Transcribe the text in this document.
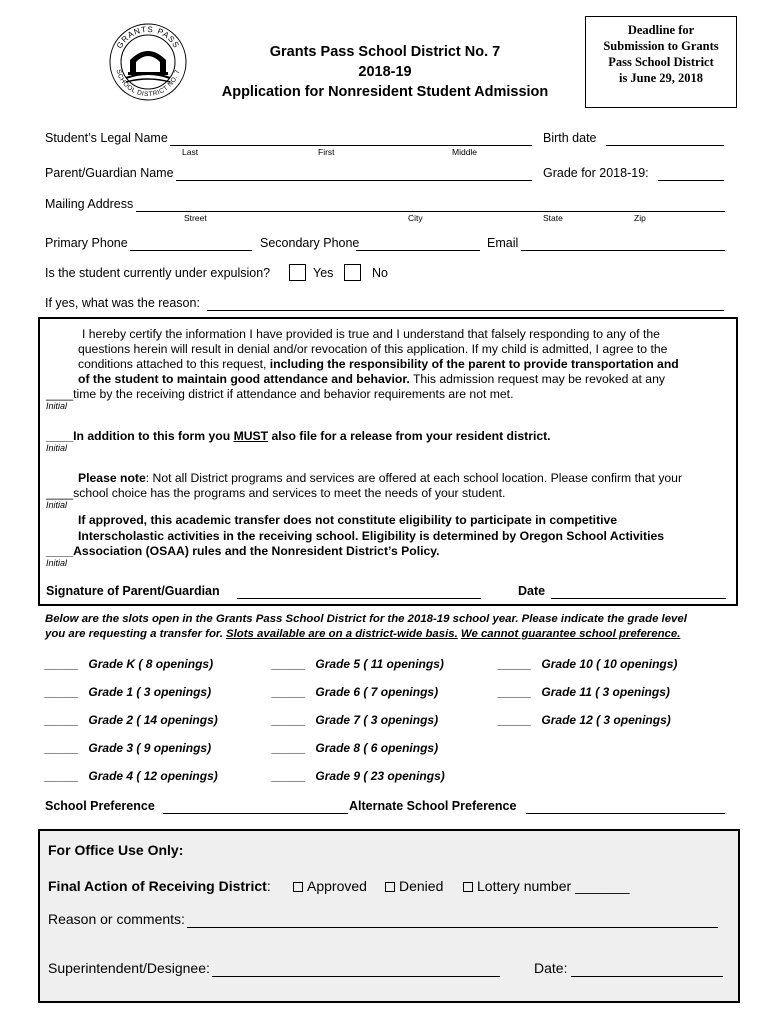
GRANTS PASS
SCHOOL DISTRICT NO. 7
Grants Pass School District No. 7
2018-19
Application for Nonresident Student Admission
Deadline for
Submission to Grants
Pass School District
is June 29, 2018
Student’s Legal Name
Last	First	Middle
Birth date
Parent/Guardian Name	Grade for 2018-19:
Mailing Address
Street	City	State	Zip
Primary Phone	Secondary Phone	Email
Is the student currently under expulsion?	Yes	No
If yes, what was the reason:
I hereby certify the information I have provided is true and I understand that falsely responding to any of the
questions herein will result in denial and/or revocation of this application. If my child is admitted, I agree to the
conditions attached to this request, including the responsibility of the parent to provide transportation and
of the student to maintain good attendance and behavior. This admission request may be revoked at any
____time by the receiving district if attendance and behavior requirements are not met.
Initial
____In addition to this form you MUST also file for a release from your resident district.
Initial
Please note: Not all District programs and services are offered at each school location. Please confirm that your
____school choice has the programs and services to meet the needs of your student.
Initial
If approved, this academic transfer does not constitute eligibility to participate in competitive
Interscholastic activities in the receiving school. Eligibility is determined by Oregon School Activities
____Association (OSAA) rules and the Nonresident District’s Policy.
Initial
Signature of Parent/Guardian	Date
Below are the slots open in the Grants Pass School District for the 2018-19 school year. Please indicate the grade level
you are requesting a transfer for. Slots available are on a district-wide basis. We cannot guarantee school preference.
_____ Grade K ( 8 openings)
_____ Grade 1 ( 3 openings)
_____ Grade 2 ( 14 openings)
_____ Grade 3 ( 9 openings)
_____ Grade 4 ( 12 openings)
_____ Grade 5 ( 11 openings)
_____ Grade 6 ( 7 openings)
_____ Grade 7 ( 3 openings)
_____ Grade 8 ( 6 openings)
_____ Grade 9 ( 23 openings)
_____ Grade 10 ( 10 openings)
_____ Grade 11 ( 3 openings)
_____ Grade 12 ( 3 openings)
School Preference	Alternate School Preference
For Office Use Only:
Final Action of Receiving District:	Approved	Denied	Lottery number _______
Reason or comments:
Superintendent/Designee:	Date:
